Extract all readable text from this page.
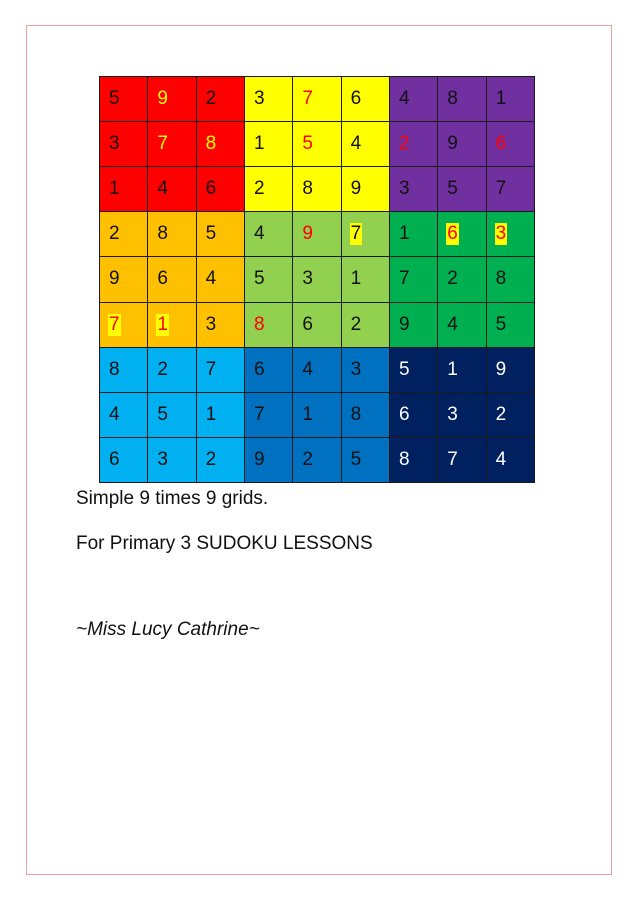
5	9	2	3	7	6	4	8	1
3	7	8	1	5	4	2	9	6
1	4	6	2	8	9	3	5	7
2	8	5	4	9	7	1	6	3
9	6	4	5	3	1	7	2	8
7	1	3	8	6	2	9	4	5
8	2	7	6	4	3	5	1	9
4	5	1	7	1	8	6	3	2
6	3	2	9	2	5	8	7	4
Simple 9 times 9 grids.
For Primary 3 SUDOKU LESSONS
~Miss Lucy Cathrine~
